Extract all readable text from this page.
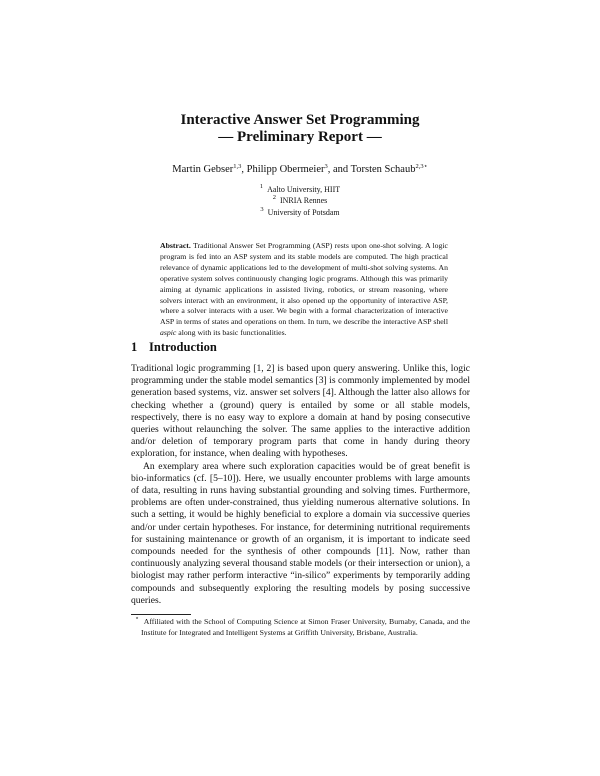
Interactive Answer Set Programming
— Preliminary Report —
Martin Gebser$^{1,3}$, Philipp Obermeier$^3$, and Torsten Schaub$^{2,3⋆}$
$^1$ Aalto University, HIIT
$^2$ INRIA Rennes
$^3$ University of Potsdam
Abstract. Traditional Answer Set Programming (ASP) rests upon one-shot solving. A logic program is fed into an ASP system and its stable models are computed. The high practical relevance of dynamic applications led to the development of multi-shot solving systems. An operative system solves continuously changing logic programs. Although this was primarily aiming at dynamic applications in assisted living, robotics, or stream reasoning, where solvers interact with an environment, it also opened up the opportunity of interactive ASP, where a solver interacts with a user. We begin with a formal characterization of interactive ASP in terms of states and operations on them. In turn, we describe the interactive ASP shell aspic along with its basic functionalities.
1 Introduction

Traditional logic programming [1, 2] is based upon query answering. Unlike this, logic programming under the stable model semantics [3] is commonly implemented by model generation based systems, viz. answer set solvers [4]. Although the latter also allows for checking whether a (ground) query is entailed by some or all stable models, respectively, there is no easy way to explore a domain at hand by posing consecutive queries without relaunching the solver. The same applies to the interactive addition and/or deletion of temporary program parts that come in handy during theory exploration, for instance, when dealing with hypotheses.

An exemplary area where such exploration capacities would be of great benefit is bio-informatics (cf. [5–10]). Here, we usually encounter problems with large amounts of data, resulting in runs having substantial grounding and solving times. Furthermore, problems are often under-constrained, thus yielding numerous alternative solutions. In such a setting, it would be highly beneficial to explore a domain via successive queries and/or under certain hypotheses. For instance, for determining nutritional requirements for sustaining maintenance or growth of an organism, it is important to indicate seed compounds needed for the synthesis of other compounds [11]. Now, rather than continuously analyzing several thousand stable models (or their intersection or union), a biologist may rather perform interactive “in-silico” experiments by temporarily adding compounds and subsequently exploring the resulting models by posing successive queries.

⋆ Affiliated with the School of Computing Science at Simon Fraser University, Burnaby, Canada, and the Institute for Integrated and Intelligent Systems at Griffith University, Brisbane, Australia.
